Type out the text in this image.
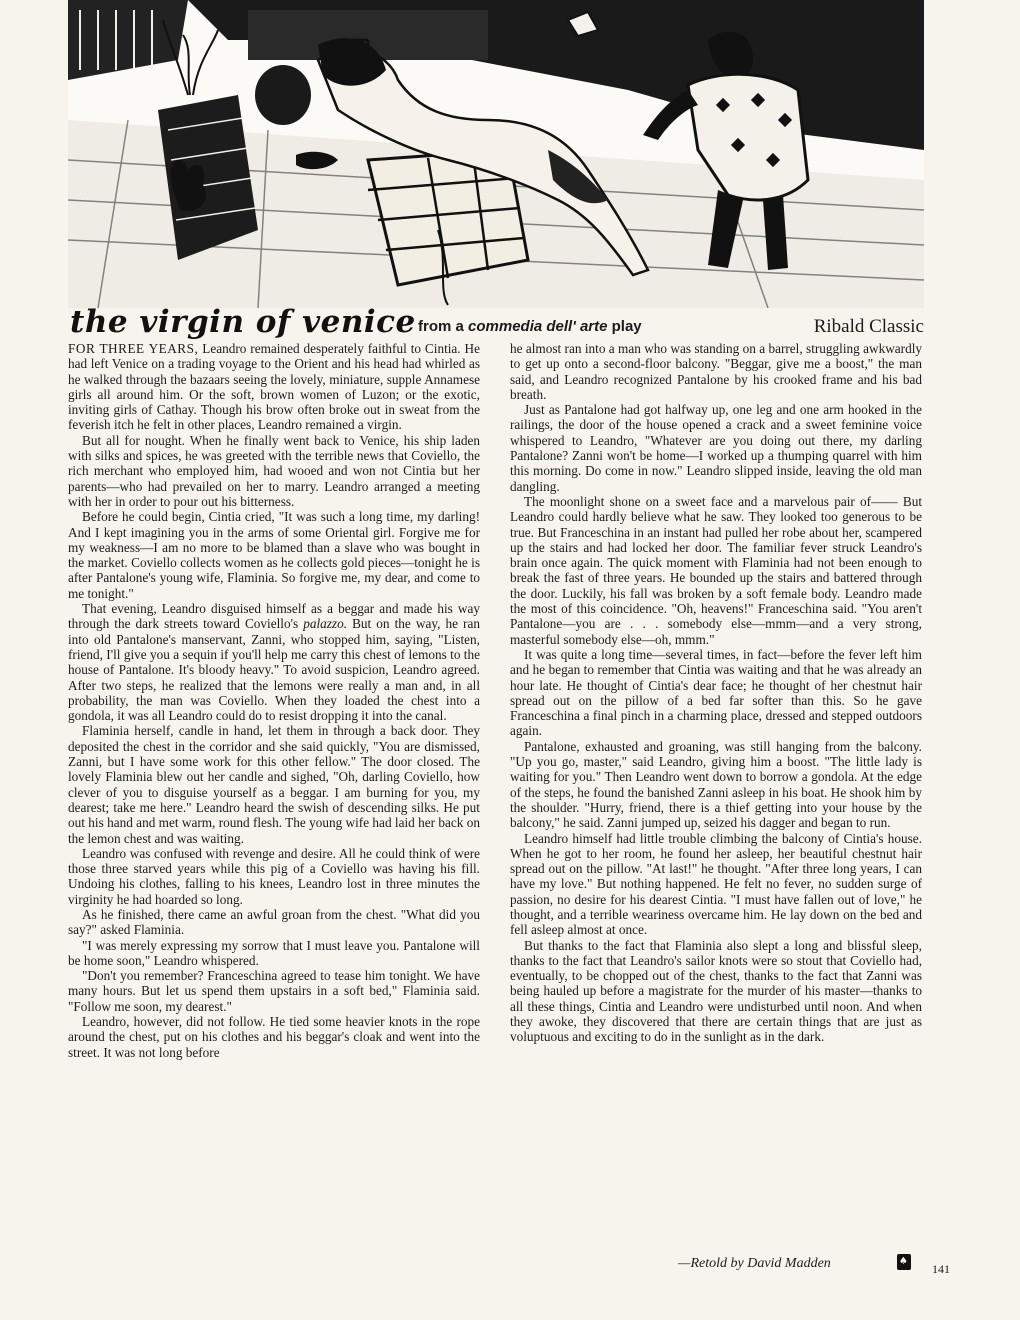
the virgin of venice from a commedia dell' arte play	Ribald Classic

FOR THREE YEARS, Leandro remained desperately faithful to Cintia. He had left Venice on a trading voyage to the Orient and his head had whirled as he walked through the bazaars seeing the lovely, miniature, supple Annamese girls all around him. Or the soft, brown women of Luzon; or the exotic, inviting girls of Cathay. Though his brow often broke out in sweat from the feverish itch he felt in other places, Leandro remained a virgin.

But all for nought. When he finally went back to Venice, his ship laden with silks and spices, he was greeted with the terrible news that Coviello, the rich merchant who employed him, had wooed and won not Cintia but her parents—who had prevailed on her to marry. Leandro arranged a meeting with her in order to pour out his bitterness.

Before he could begin, Cintia cried, "It was such a long time, my darling! And I kept imagining you in the arms of some Oriental girl. Forgive me for my weakness—I am no more to be blamed than a slave who was bought in the market. Coviello collects women as he collects gold pieces—tonight he is after Pantalone's young wife, Flaminia. So forgive me, my dear, and come to me tonight."

That evening, Leandro disguised himself as a beggar and made his way through the dark streets toward Coviello's palazzo. But on the way, he ran into old Pantalone's manservant, Zanni, who stopped him, saying, "Listen, friend, I'll give you a sequin if you'll help me carry this chest of lemons to the house of Pantalone. It's bloody heavy." To avoid suspicion, Leandro agreed. After two steps, he realized that the lemons were really a man and, in all probability, the man was Coviello. When they loaded the chest into a gondola, it was all Leandro could do to resist dropping it into the canal.

Flaminia herself, candle in hand, let them in through a back door. They deposited the chest in the corridor and she said quickly, "You are dismissed, Zanni, but I have some work for this other fellow." The door closed. The lovely Flaminia blew out her candle and sighed, "Oh, darling Coviello, how clever of you to disguise yourself as a beggar. I am burning for you, my dearest; take me here." Leandro heard the swish of descending silks. He put out his hand and met warm, round flesh. The young wife had laid her back on the lemon chest and was waiting.

Leandro was confused with revenge and desire. All he could think of were those three starved years while this pig of a Coviello was having his fill. Undoing his clothes, falling to his knees, Leandro lost in three minutes the virginity he had hoarded so long.

As he finished, there came an awful groan from the chest. "What did you say?" asked Flaminia.

"I was merely expressing my sorrow that I must leave you. Pantalone will be home soon," Leandro whispered.

"Don't you remember? Franceschina agreed to tease him tonight. We have many hours. But let us spend them upstairs in a soft bed," Flaminia said. "Follow me soon, my dearest."

Leandro, however, did not follow. He tied some heavier knots in the rope around the chest, put on his clothes and his beggar's cloak and went into the street. It was not long before

he almost ran into a man who was standing on a barrel, struggling awkwardly to get up onto a second-floor balcony. "Beggar, give me a boost," the man said, and Leandro recognized Pantalone by his crooked frame and his bad breath.

Just as Pantalone had got halfway up, one leg and one arm hooked in the railings, the door of the house opened a crack and a sweet feminine voice whispered to Leandro, "Whatever are you doing out there, my darling Pantalone? Zanni won't be home—I worked up a thumping quarrel with him this morning. Do come in now." Leandro slipped inside, leaving the old man dangling.

The moonlight shone on a sweet face and a marvelous pair of—— But Leandro could hardly believe what he saw. They looked too generous to be true. But Franceschina in an instant had pulled her robe about her, scampered up the stairs and had locked her door. The familiar fever struck Leandro's brain once again. The quick moment with Flaminia had not been enough to break the fast of three years. He bounded up the stairs and battered through the door. Luckily, his fall was broken by a soft female body. Leandro made the most of this coincidence. "Oh, heavens!" Franceschina said. "You aren't Pantalone—you are . . . somebody else—mmm—and a very strong, masterful somebody else—oh, mmm."

It was quite a long time—several times, in fact—before the fever left him and he began to remember that Cintia was waiting and that he was already an hour late. He thought of Cintia's dear face; he thought of her chestnut hair spread out on the pillow of a bed far softer than this. So he gave Franceschina a final pinch in a charming place, dressed and stepped outdoors again.

Pantalone, exhausted and groaning, was still hanging from the balcony. "Up you go, master," said Leandro, giving him a boost. "The little lady is waiting for you." Then Leandro went down to borrow a gondola. At the edge of the steps, he found the banished Zanni asleep in his boat. He shook him by the shoulder. "Hurry, friend, there is a thief getting into your house by the balcony," he said. Zanni jumped up, seized his dagger and began to run.

Leandro himself had little trouble climbing the balcony of Cintia's house. When he got to her room, he found her asleep, her beautiful chestnut hair spread out on the pillow. "At last!" he thought. "After three long years, I can have my love." But nothing happened. He felt no fever, no sudden surge of passion, no desire for his dearest Cintia. "I must have fallen out of love," he thought, and a terrible weariness overcame him. He lay down on the bed and fell asleep almost at once.

But thanks to the fact that Flaminia also slept a long and blissful sleep, thanks to the fact that Leandro's sailor knots were so stout that Coviello had, eventually, to be chopped out of the chest, thanks to the fact that Zanni was being hauled up before a magistrate for the murder of his master—thanks to all these things, Cintia and Leandro were undisturbed until noon. And when they awoke, they discovered that there are certain things that are just as voluptuous and exciting to do in the sunlight as in the dark.

—Retold by David Madden	♠
141
